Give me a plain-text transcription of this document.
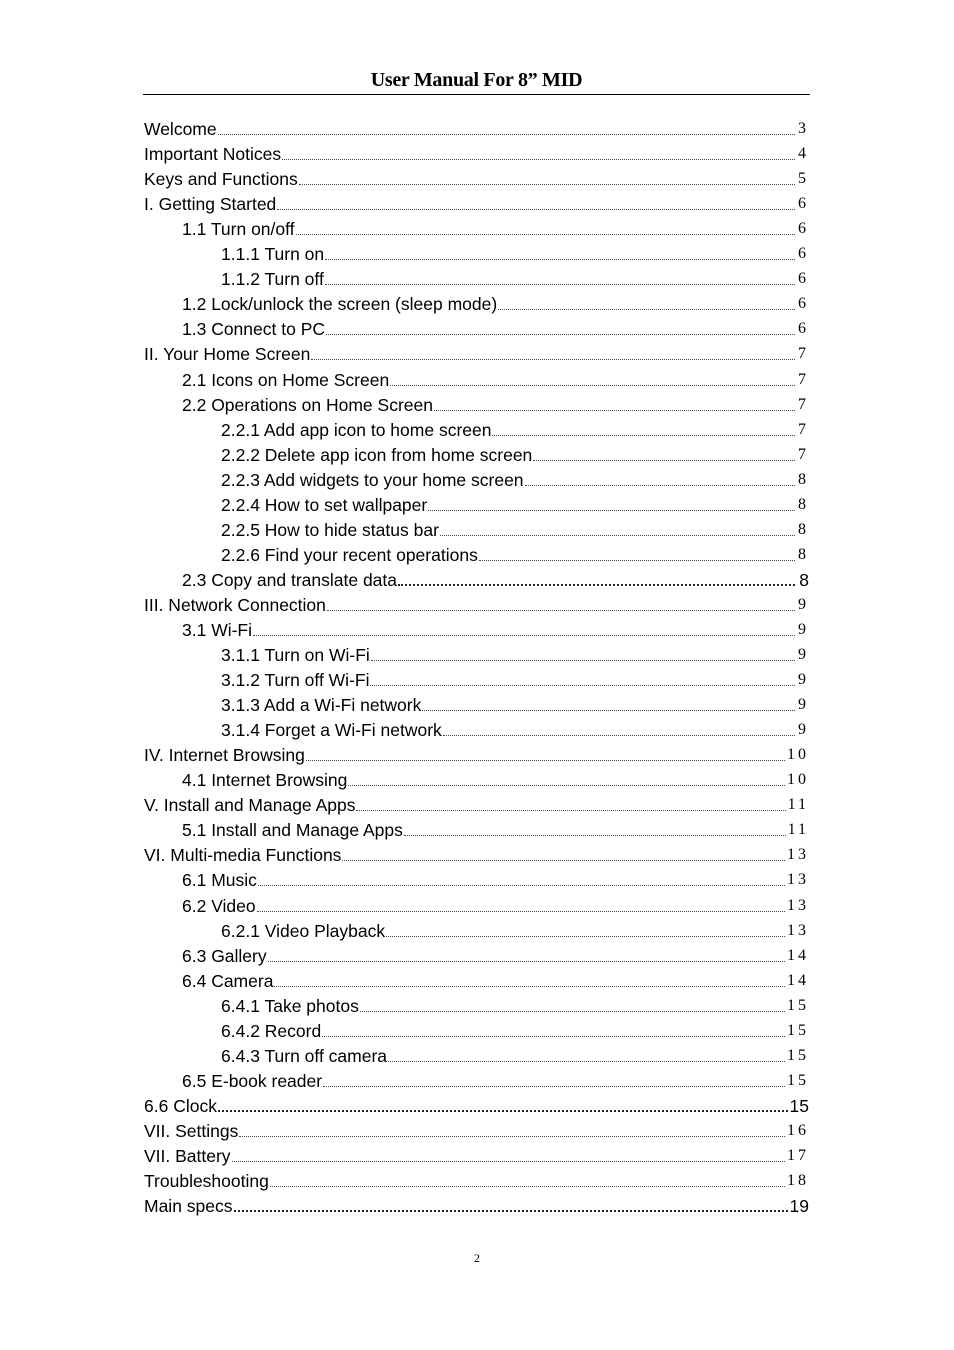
User Manual For 8” MID
Welcome	3
Important Notices	4
Keys and Functions	5
I. Getting Started	6
1.1 Turn on/off	6
1.1.1 Turn on	6
1.1.2 Turn off	6
1.2 Lock/unlock the screen (sleep mode)	6
1.3 Connect to PC	6
II. Your Home Screen	7
2.1 Icons on Home Screen	7
2.2 Operations on Home Screen	7
2.2.1 Add app icon to home screen	7
2.2.2 Delete app icon from home screen	7
2.2.3 Add widgets to your home screen	8
2.2.4 How to set wallpaper	8
2.2.5 How to hide status bar	8
2.2.6 Find your recent operations	8
2.3 Copy and translate data	8
III. Network Connection	9
3.1 Wi-Fi	9
3.1.1 Turn on Wi-Fi	9
3.1.2 Turn off Wi-Fi	9
3.1.3 Add a Wi-Fi network	9
3.1.4 Forget a Wi-Fi network	9
IV. Internet Browsing	10
4.1 Internet Browsing	10
V. Install and Manage Apps	11
5.1 Install and Manage Apps	11
VI. Multi-media Functions	13
6.1 Music	13
6.2 Video	13
6.2.1 Video Playback	13
6.3 Gallery	14
6.4 Camera	14
6.4.1 Take photos	15
6.4.2 Record	15
6.4.3 Turn off camera	15
6.5 E-book reader	15
6.6 Clock	15
VII. Settings	16
VII. Battery	17
Troubleshooting	18
Main specs	19
2
